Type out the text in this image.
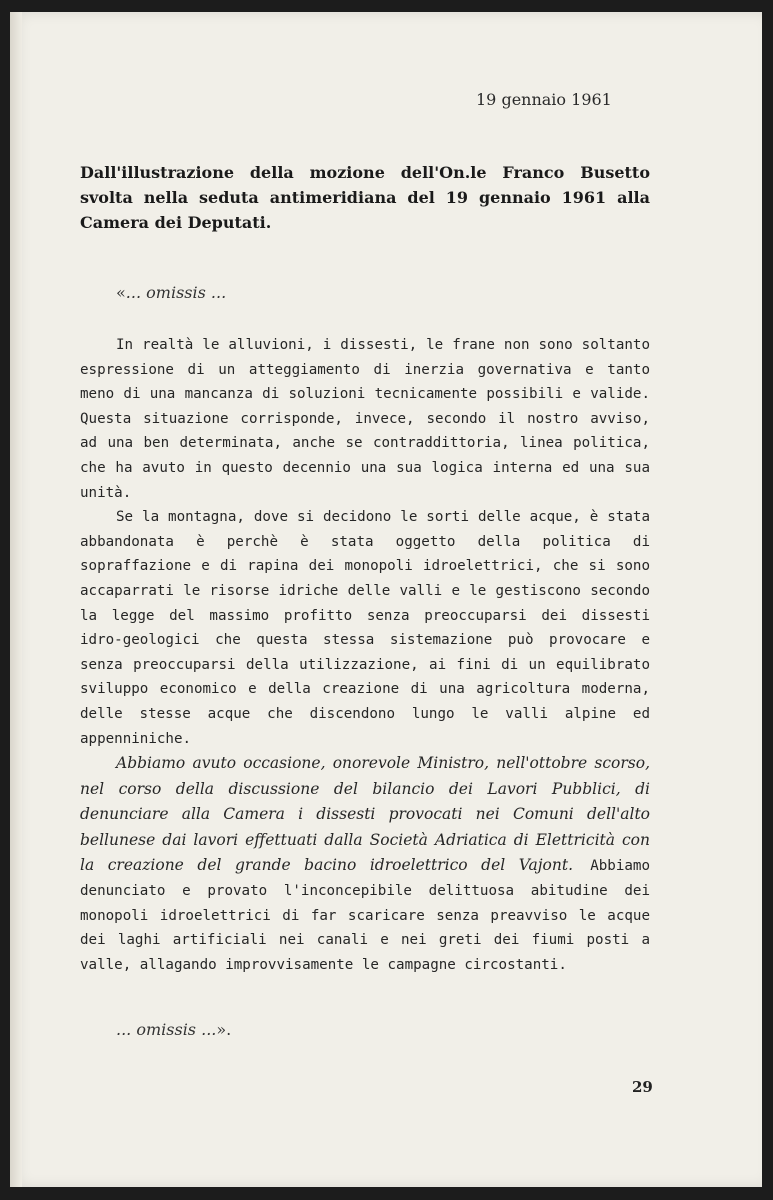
19 gennaio 1961
Dall'illustrazione della mozione dell'On.le Franco Busetto svolta nella seduta antimeridiana del 19 gennaio 1961 alla Camera dei Deputati.
«... omissis ...

In realtà le alluvioni, i dissesti, le frane non sono soltanto espressione di un atteggiamento di inerzia governativa e tanto meno di una mancanza di soluzioni tecnicamente possibili e valide. Questa situazione corrisponde, invece, secondo il nostro avviso, ad una ben determinata, anche se contraddittoria, linea politica, che ha avuto in questo decennio una sua logica interna ed una sua unità.

Se la montagna, dove si decidono le sorti delle acque, è stata abbandonata è perchè è stata oggetto della politica di sopraffazione e di rapina dei monopoli idroelettrici, che si sono accaparrati le risorse idriche delle valli e le gestiscono secondo la legge del massimo profitto senza preoccuparsi dei dissesti idro-geologici che questa stessa sistemazione può provocare e senza preoccuparsi della utilizzazione, ai fini di un equilibrato sviluppo economico e della creazione di una agricoltura moderna, delle stesse acque che discendono lungo le valli alpine ed appenniniche.

Abbiamo avuto occasione, onorevole Ministro, nell'ottobre scorso, nel corso della discussione del bilancio dei Lavori Pubblici, di denunciare alla Camera i dissesti provocati nei Comuni dell'alto bellunese dai lavori effettuati dalla Società Adriatica di Elettricità con la creazione del grande bacino idroelettrico del Vajont. Abbiamo denunciato e provato l'inconcepibile delittuosa abitudine dei monopoli idroelettrici di far scaricare senza preavviso le acque dei laghi artificiali nei canali e nei greti dei fiumi posti a valle, allagando improvvisamente le campagne circostanti.

... omissis ...».
29
